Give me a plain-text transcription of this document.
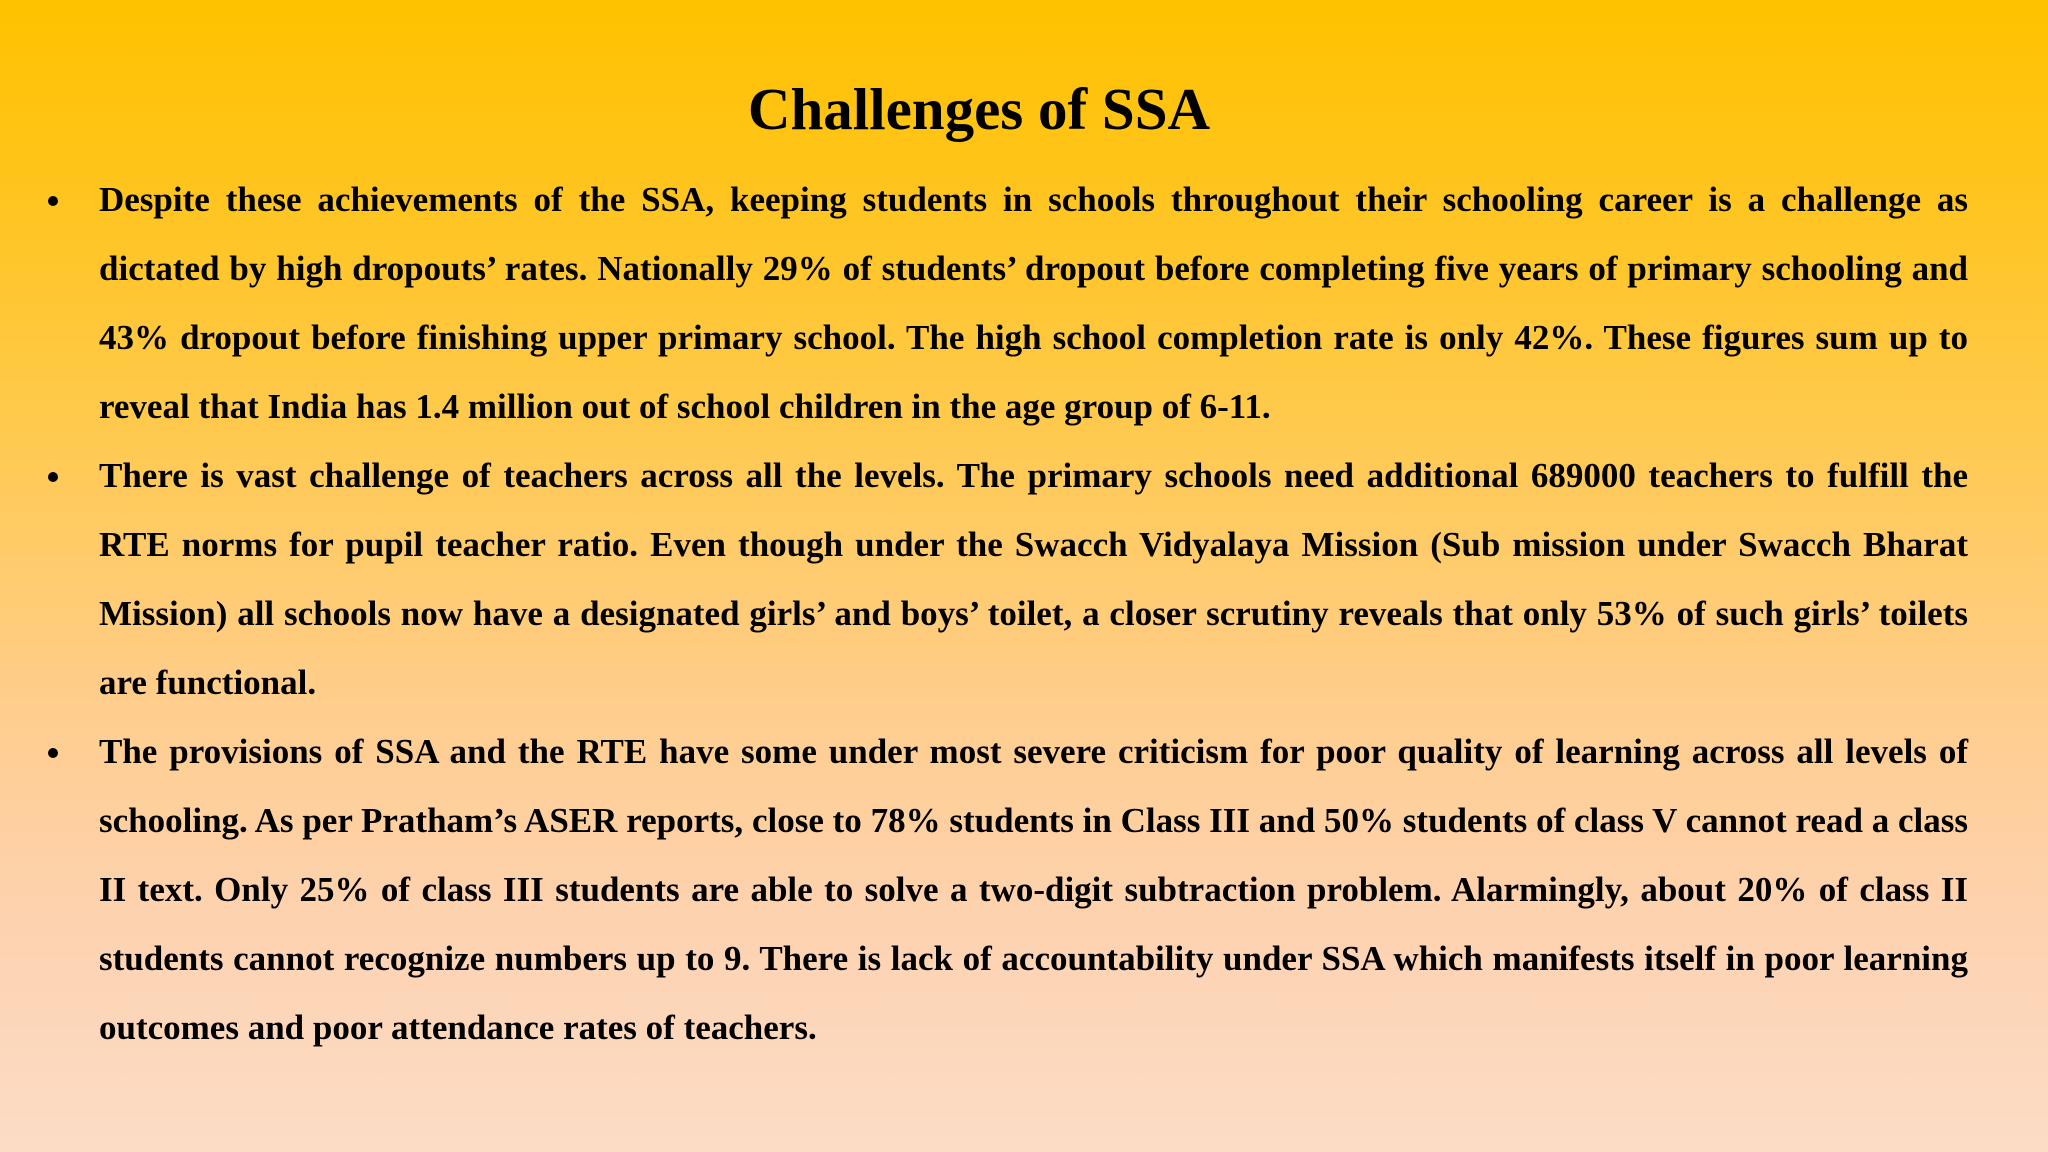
Challenges of SSA
Despite these achievements of the SSA, keeping students in schools throughout their schooling career is a challenge as dictated by high dropouts’ rates. Nationally 29% of students’ dropout before completing five years of primary schooling and 43% dropout before finishing upper primary school. The high school completion rate is only 42%. These figures sum up to reveal that India has 1.4 million out of school children in the age group of 6-11.
There is vast challenge of teachers across all the levels. The primary schools need additional 689000 teachers to fulfill the RTE norms for pupil teacher ratio. Even though under the Swacch Vidyalaya Mission (Sub mission under Swacch Bharat Mission) all schools now have a designated girls’ and boys’ toilet, a closer scrutiny reveals that only 53% of such girls’ toilets are functional.
The provisions of SSA and the RTE have some under most severe criticism for poor quality of learning across all levels of schooling. As per Pratham’s ASER reports, close to 78% students in Class III and 50% students of class V cannot read a class II text. Only 25% of class III students are able to solve a two-digit subtraction problem. Alarmingly, about 20% of class II students cannot recognize numbers up to 9. There is lack of accountability under SSA which manifests itself in poor learning outcomes and poor attendance rates of teachers.
